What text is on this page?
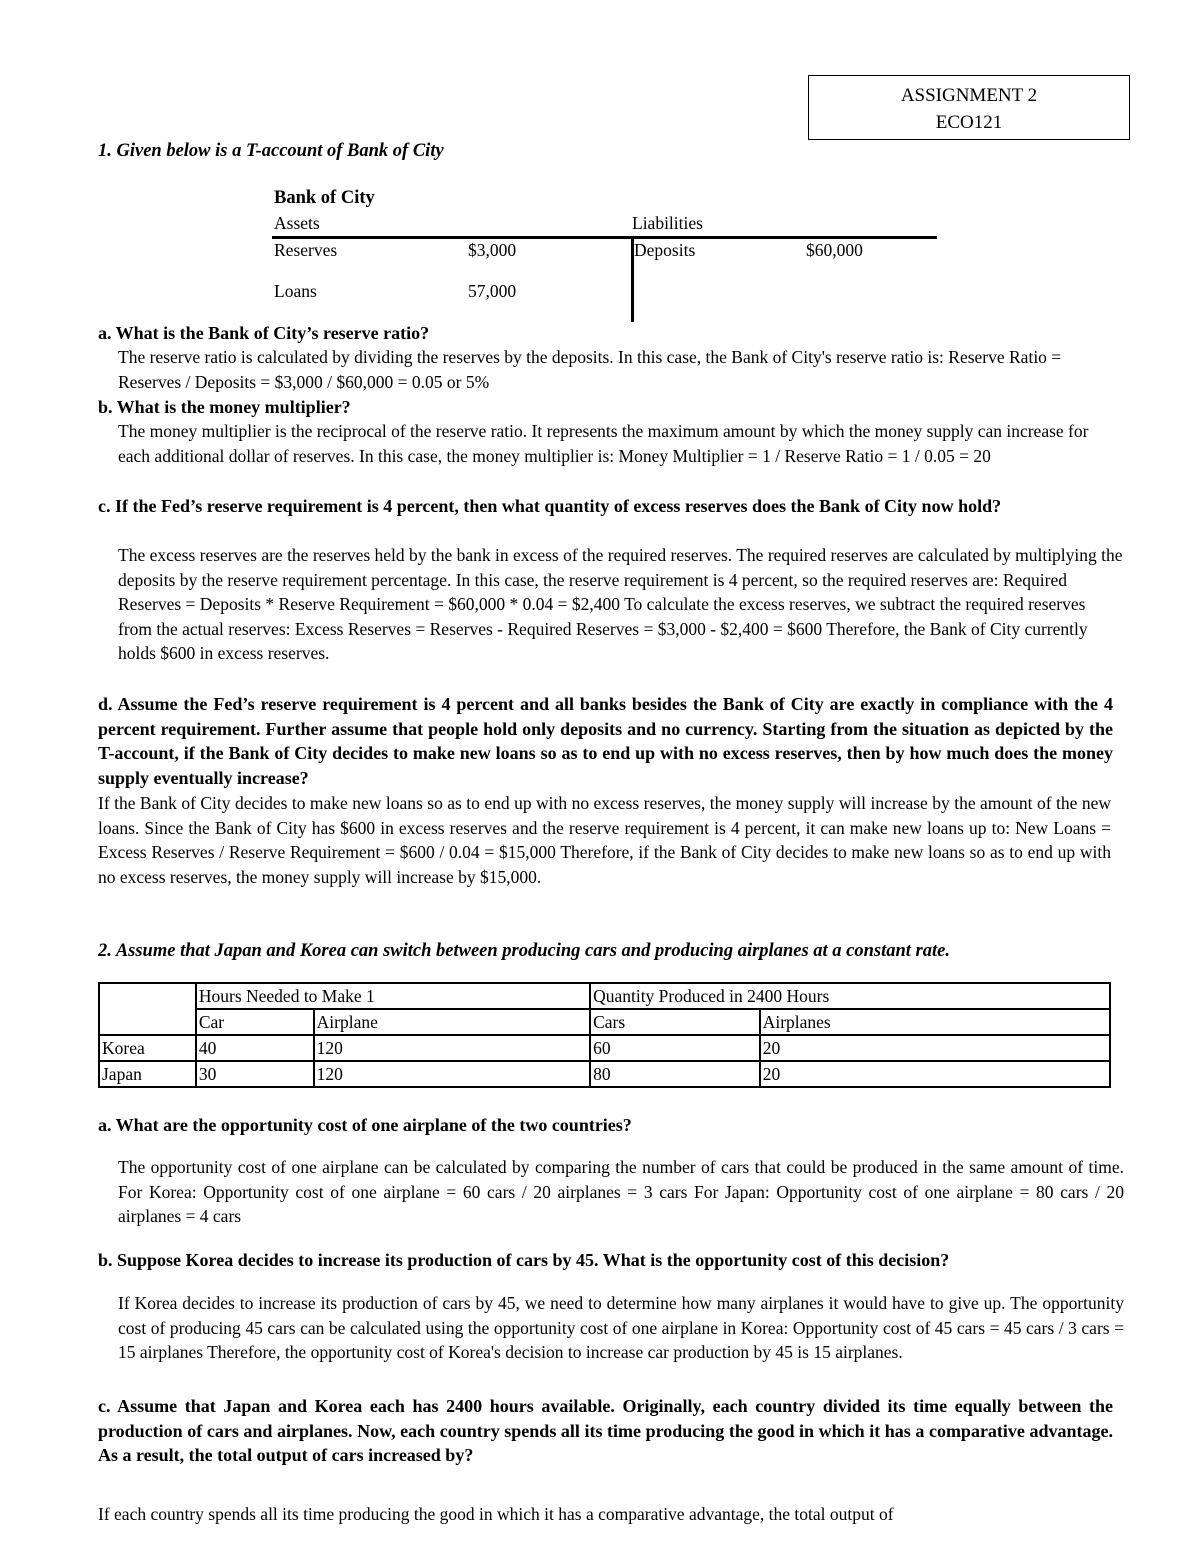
ASSIGNMENT 2
ECO121
1. Given below is a T-account of Bank of City
Bank of City
Assets	Liabilities
Reserves	$3,000	Deposits	$60,000
Loans	57,000
a. What is the Bank of City’s reserve ratio?
The reserve ratio is calculated by dividing the reserves by the deposits. In this case, the Bank of City's reserve ratio is: Reserve Ratio = Reserves / Deposits = $3,000 / $60,000 = 0.05 or 5%
b. What is the money multiplier?
The money multiplier is the reciprocal of the reserve ratio. It represents the maximum amount by which the money supply can increase for each additional dollar of reserves. In this case, the money multiplier is: Money Multiplier = 1 / Reserve Ratio = 1 / 0.05 = 20
c. If the Fed’s reserve requirement is 4 percent, then what quantity of excess reserves does the Bank of City now hold?
The excess reserves are the reserves held by the bank in excess of the required reserves. The required reserves are calculated by multiplying the deposits by the reserve requirement percentage. In this case, the reserve requirement is 4 percent, so the required reserves are: Required Reserves = Deposits * Reserve Requirement = $60,000 * 0.04 = $2,400 To calculate the excess reserves, we subtract the required reserves from the actual reserves: Excess Reserves = Reserves - Required Reserves = $3,000 - $2,400 = $600 Therefore, the Bank of City currently holds $600 in excess reserves.
d. Assume the Fed’s reserve requirement is 4 percent and all banks besides the Bank of City are exactly in compliance with the 4 percent requirement. Further assume that people hold only deposits and no currency. Starting from the situation as depicted by the T-account, if the Bank of City decides to make new loans so as to end up with no excess reserves, then by how much does the money supply eventually increase?
If the Bank of City decides to make new loans so as to end up with no excess reserves, the money supply will increase by the amount of the new loans. Since the Bank of City has $600 in excess reserves and the reserve requirement is 4 percent, it can make new loans up to: New Loans = Excess Reserves / Reserve Requirement = $600 / 0.04 = $15,000 Therefore, if the Bank of City decides to make new loans so as to end up with no excess reserves, the money supply will increase by $15,000.
2. Assume that Japan and Korea can switch between producing cars and producing airplanes at a constant rate.
	Hours Needed to Make 1		Quantity Produced in 2400 Hours	
	Car	Airplane	Cars	Airplanes
Korea	40	120	60	20
Japan	30	120	80	20
a. What are the opportunity cost of one airplane of the two countries?
The opportunity cost of one airplane can be calculated by comparing the number of cars that could be produced in the same amount of time. For Korea: Opportunity cost of one airplane = 60 cars / 20 airplanes = 3 cars For Japan: Opportunity cost of one airplane = 80 cars / 20 airplanes = 4 cars
b. Suppose Korea decides to increase its production of cars by 45. What is the opportunity cost of this decision?
If Korea decides to increase its production of cars by 45, we need to determine how many airplanes it would have to give up. The opportunity cost of producing 45 cars can be calculated using the opportunity cost of one airplane in Korea: Opportunity cost of 45 cars = 45 cars / 3 cars = 15 airplanes Therefore, the opportunity cost of Korea's decision to increase car production by 45 is 15 airplanes.
c. Assume that Japan and Korea each has 2400 hours available. Originally, each country divided its time equally between the production of cars and airplanes. Now, each country spends all its time producing the good in which it has a comparative advantage. As a result, the total output of cars increased by?
If each country spends all its time producing the good in which it has a comparative advantage, the total output of
